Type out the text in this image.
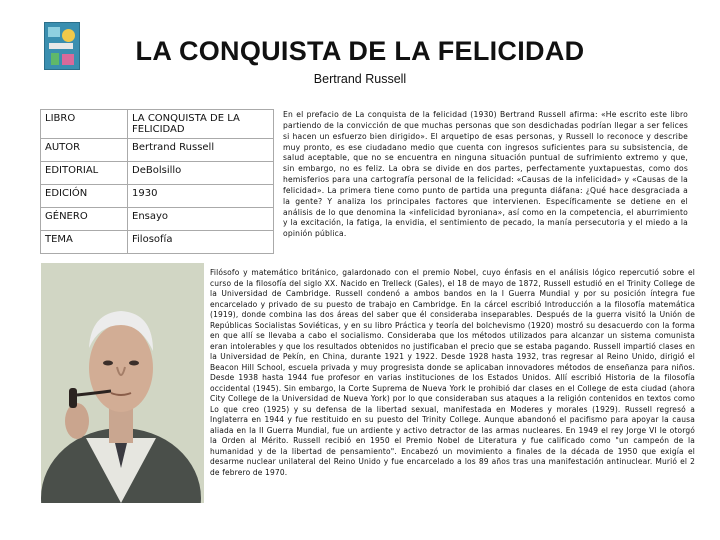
LA CONQUISTA DE LA FELICIDAD
Bertrand Russell
LIBRO	LA CONQUISTA DE LA FELICIDAD
AUTOR	Bertrand Russell
EDITORIAL	DeBolsillo
EDICIÓN	1930
GÉNERO	Ensayo
TEMA	Filosofía
En el prefacio de La conquista de la felicidad (1930) Bertrand Russell afirma: «He escrito este libro partiendo de la convicción de que muchas personas que son desdichadas podrían llegar a ser felices si hacen un esfuerzo bien dirigido». El arquetipo de esas personas, y Russell lo reconoce y describe muy pronto, es ese ciudadano medio que cuenta con ingresos suficientes para su subsistencia, de salud aceptable, que no se encuentra en ninguna situación puntual de sufrimiento extremo y que, sin embargo, no es feliz. La obra se divide en dos partes, perfectamente yuxtapuestas, como dos hemisferios para una cartografía personal de la felicidad: «Causas de la infelicidad» y «Causas de la felicidad». La primera tiene como punto de partida una pregunta diáfana: ¿Qué hace desgraciada a la gente? Y analiza los principales factores que intervienen. Específicamente se detiene en el análisis de lo que denomina la «infelicidad byroniana», así como en la competencia, el aburrimiento y la excitación, la fatiga, la envidia, el sentimiento de pecado, la manía persecutoria y el miedo a la opinión pública.
Filósofo y matemático británico, galardonado con el premio Nobel, cuyo énfasis en el análisis lógico repercutió sobre el curso de la filosofía del siglo XX. Nacido en Trelleck (Gales), el 18 de mayo de 1872, Russell estudió en el Trinity College de la Universidad de Cambridge. Russell condenó a ambos bandos en la I Guerra Mundial y por su posición íntegra fue encarcelado y privado de su puesto de trabajo en Cambridge. En la cárcel escribió Introducción a la filosofía matemática (1919), donde combina las dos áreas del saber que él consideraba inseparables. Después de la guerra visitó la Unión de Repúblicas Socialistas Soviéticas, y en su libro Práctica y teoría del bolchevismo (1920) mostró su desacuerdo con la forma en que allí se llevaba a cabo el socialismo. Consideraba que los métodos utilizados para alcanzar un sistema comunista eran intolerables y que los resultados obtenidos no justificaban el precio que se estaba pagando. Russell impartió clases en la Universidad de Pekín, en China, durante 1921 y 1922. Desde 1928 hasta 1932, tras regresar al Reino Unido, dirigió el Beacon Hill School, escuela privada y muy progresista donde se aplicaban innovadores métodos de enseñanza para niños. Desde 1938 hasta 1944 fue profesor en varias instituciones de los Estados Unidos. Allí escribió Historia de la filosofía occidental (1945). Sin embargo, la Corte Suprema de Nueva York le prohibió dar clases en el College de esta ciudad (ahora City College de la Universidad de Nueva York) por lo que consideraban sus ataques a la religión contenidos en textos como Lo que creo (1925) y su defensa de la libertad sexual, manifestada en Moderes y morales (1929). Russell regresó a Inglaterra en 1944 y fue restituido en su puesto del Trinity College. Aunque abandonó el pacifismo para apoyar la causa aliada en la II Guerra Mundial, fue un ardiente y activo detractor de las armas nucleares. En 1949 el rey Jorge VI le otorgó la Orden al Mérito. Russell recibió en 1950 el Premio Nobel de Literatura y fue calificado como "un campeón de la humanidad y de la libertad de pensamiento". Encabezó un movimiento a finales de la década de 1950 que exigía el desarme nuclear unilateral del Reino Unido y fue encarcelado a los 89 años tras una manifestación antinuclear. Murió el 2 de febrero de 1970.
